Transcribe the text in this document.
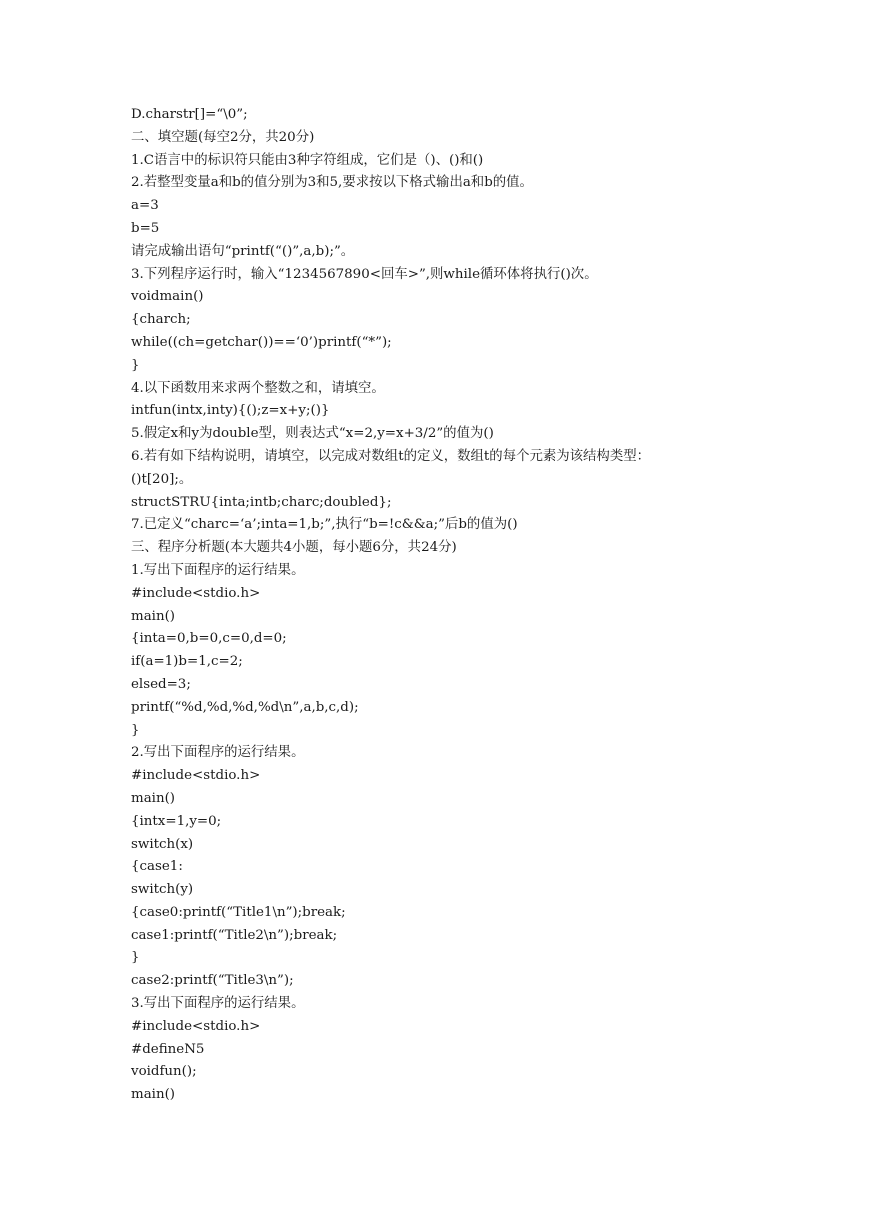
D.charstr[]=“\0”;
二、填空题(每空2分，共20分)
1.C语言中的标识符只能由3种字符组成，它们是（)、()和()
2.若整型变量a和b的值分别为3和5,要求按以下格式输出a和b的值。
a=3
b=5
请完成输出语句“printf(“()”,a,b);”。
3.下列程序运行时，输入“1234567890<回车>”,则while循环体将执行()次。
voidmain()
{charch;
while((ch=getchar())==‘0’)printf(“*”);
}
4.以下函数用来求两个整数之和，请填空。
intfun(intx,inty){();z=x+y;()}
5.假定x和y为double型，则表达式“x=2,y=x+3/2”的值为()
6.若有如下结构说明，请填空，以完成对数组t的定义，数组t的每个元素为该结构类型：
()t[20];。
structSTRU{inta;intb;charc;doubled};
7.已定义“charc=‘a’;inta=1,b;”,执行“b=!c&&a;”后b的值为()
三、程序分析题(本大题共4小题，每小题6分，共24分)
1.写出下面程序的运行结果。
#include<stdio.h>
main()
{inta=0,b=0,c=0,d=0;
if(a=1)b=1,c=2;
elsed=3;
printf(“%d,%d,%d,%d\n”,a,b,c,d);
}
2.写出下面程序的运行结果。
#include<stdio.h>
main()
{intx=1,y=0;
switch(x)
{case1:
switch(y)
{case0:printf(“Title1\n”);break;
case1:printf(“Title2\n”);break;
}
case2:printf(“Title3\n”);
3.写出下面程序的运行结果。
#include<stdio.h>
#defineN5
voidfun();
main()
